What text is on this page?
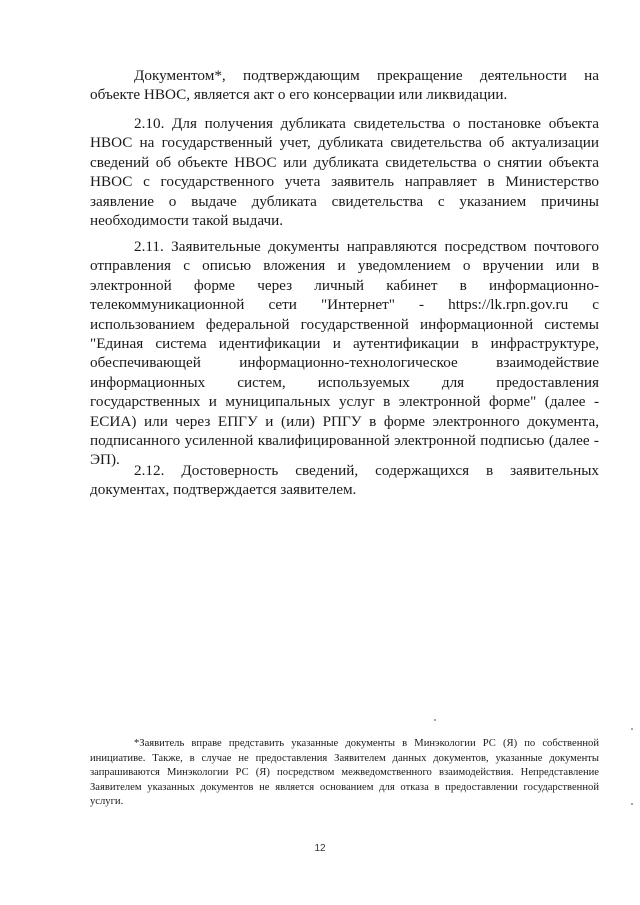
Документом*, подтверждающим прекращение деятельности на объекте НВОС, является акт о его консервации или ликвидации.

2.10. Для получения дубликата свидетельства о постановке объекта НВОС на государственный учет, дубликата свидетельства об актуализации сведений об объекте НВОС или дубликата свидетельства о снятии объекта НВОС с государственного учета заявитель направляет в Министерство заявление о выдаче дубликата свидетельства с указанием причины необходимости такой выдачи.

2.11. Заявительные документы направляются посредством почтового отправления с описью вложения и уведомлением о вручении или в электронной форме через личный кабинет в информационно-телекоммуникационной сети "Интернет" - https://lk.rpn.gov.ru с использованием федеральной государственной информационной системы "Единая система идентификации и аутентификации в инфраструктуре, обеспечивающей информационно-технологическое взаимодействие информационных систем, используемых для предоставления государственных и муниципальных услуг в электронной форме" (далее - ЕСИА) или через ЕПГУ и (или) РПГУ в форме электронного документа, подписанного усиленной квалифицированной электронной подписью (далее - ЭП).

2.12. Достоверность сведений, содержащихся в заявительных документах, подтверждается заявителем.

*Заявитель вправе представить указанные документы в Минэкологии РС (Я) по собственной инициативе. Также, в случае не предоставления Заявителем данных документов, указанные документы запрашиваются Минэкологии РС (Я) посредством межведомственного взаимодействия. Непредставление Заявителем указанных документов не является основанием для отказа в предоставлении государственной услуги.

12
